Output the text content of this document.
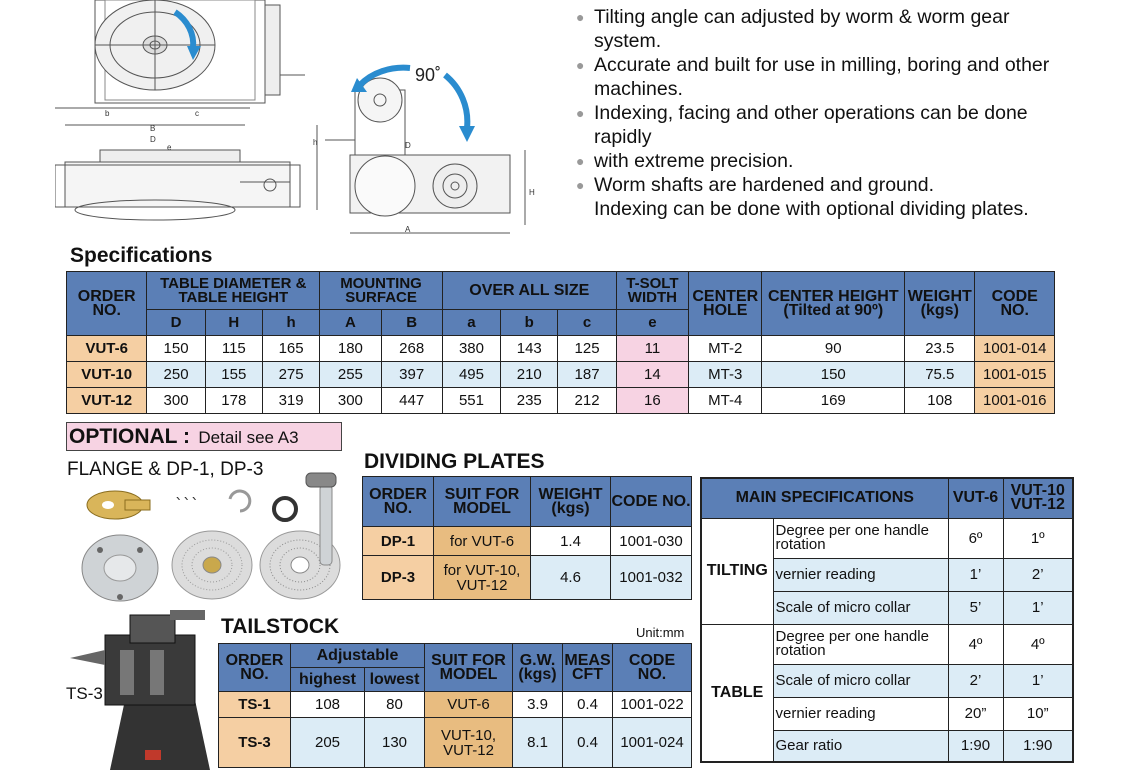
b	c
B
D
e
h
H
A
D
90˚
● Tilting angle can adjusted by worm & worm gear system.
● Accurate and built for use in milling, boring and other machines.
● Indexing, facing and other operations can be done rapidly
● with extreme precision.
● Worm shafts are hardened and ground.
Indexing can be done with optional dividing plates.
Specifications
ORDER NO.	TABLE DIAMETER & TABLE HEIGHT			MOUNTING SURFACE		OVER ALL SIZE			T-SOLT WIDTH	CENTER HOLE	CENTER HEIGHT (Tilted at 90º)	WEIGHT (kgs)	CODE NO.
	D	H	h	A	B	a	b	c	e				
VUT-6	150	115	165	180	268	380	143	125	11	MT-2	90	23.5	1001-014
VUT-10	250	155	275	255	397	495	210	187	14	MT-3	150	75.5	1001-015
VUT-12	300	178	319	300	447	551	235	212	16	MT-4	169	108	1001-016
OPTIONAL : Detail see A3
FLANGE & DP-1, DP-3
ˋˋˋ
DIVIDING PLATES
ORDER NO.	SUIT FOR MODEL	WEIGHT (kgs)	CODE NO.
DP-1	for VUT-6	1.4	1001-030
DP-3	for VUT-10, VUT-12	4.6	1001-032
TS-3
TAILSTOCK	Unit:mm
ORDER NO.	Adjustable		SUIT FOR MODEL	G.W. (kgs)	MEAS CFT	CODE NO.
	highest	lowest				
TS-1	108	80	VUT-6	3.9	0.4	1001-022
TS-3	205	130	VUT-10, VUT-12	8.1	0.4	1001-024
MAIN SPECIFICATIONS		VUT-6	VUT-10 VUT-12
TILTING	Degree per one handle rotation	6º	1º
	vernier reading	1’	2’
	Scale of micro collar	5’	1’
TABLE	Degree per one handle rotation	4º	4º
	Scale of micro collar	2’	1’
	vernier reading	20”	10”
	Gear ratio	1:90	1:90
